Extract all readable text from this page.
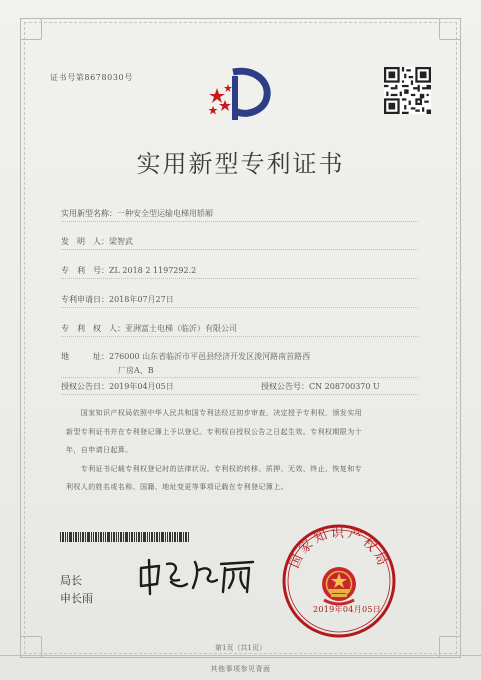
证书号第8678030号
实用新型专利证书
实用新型名称：一种安全型运输电梯用轿厢
发　明　人：梁智武
专　利　号：ZL 2018 2 1197292.2
专利申请日：2018年07月27日
专　利　权　人：亚洲富士电梯（临沂）有限公司
地　　　址：276000 山东省临沂市平邑县经济开发区浚河路南首路西
厂房A、B
授权公告日：2019年04月05日	授权公告号：CN 208700370 U
　　国家知识产权局依照中华人民共和国专利法经过初步审查，决定授予专利权，颁发实用
新型专利证书并在专利登记簿上予以登记。专利权自授权公告之日起生效。专利权期限为十
年，自申请日起算。
　　专利证书记载专利权登记时的法律状况。专利权的转移、质押、无效、终止、恢复和专
利权人的姓名或名称、国籍、地址变更等事项记载在专利登记簿上。
局长
申长雨
国家知识产权局
2019年04月05日
第1页（共1页）
其他事项参见背面
